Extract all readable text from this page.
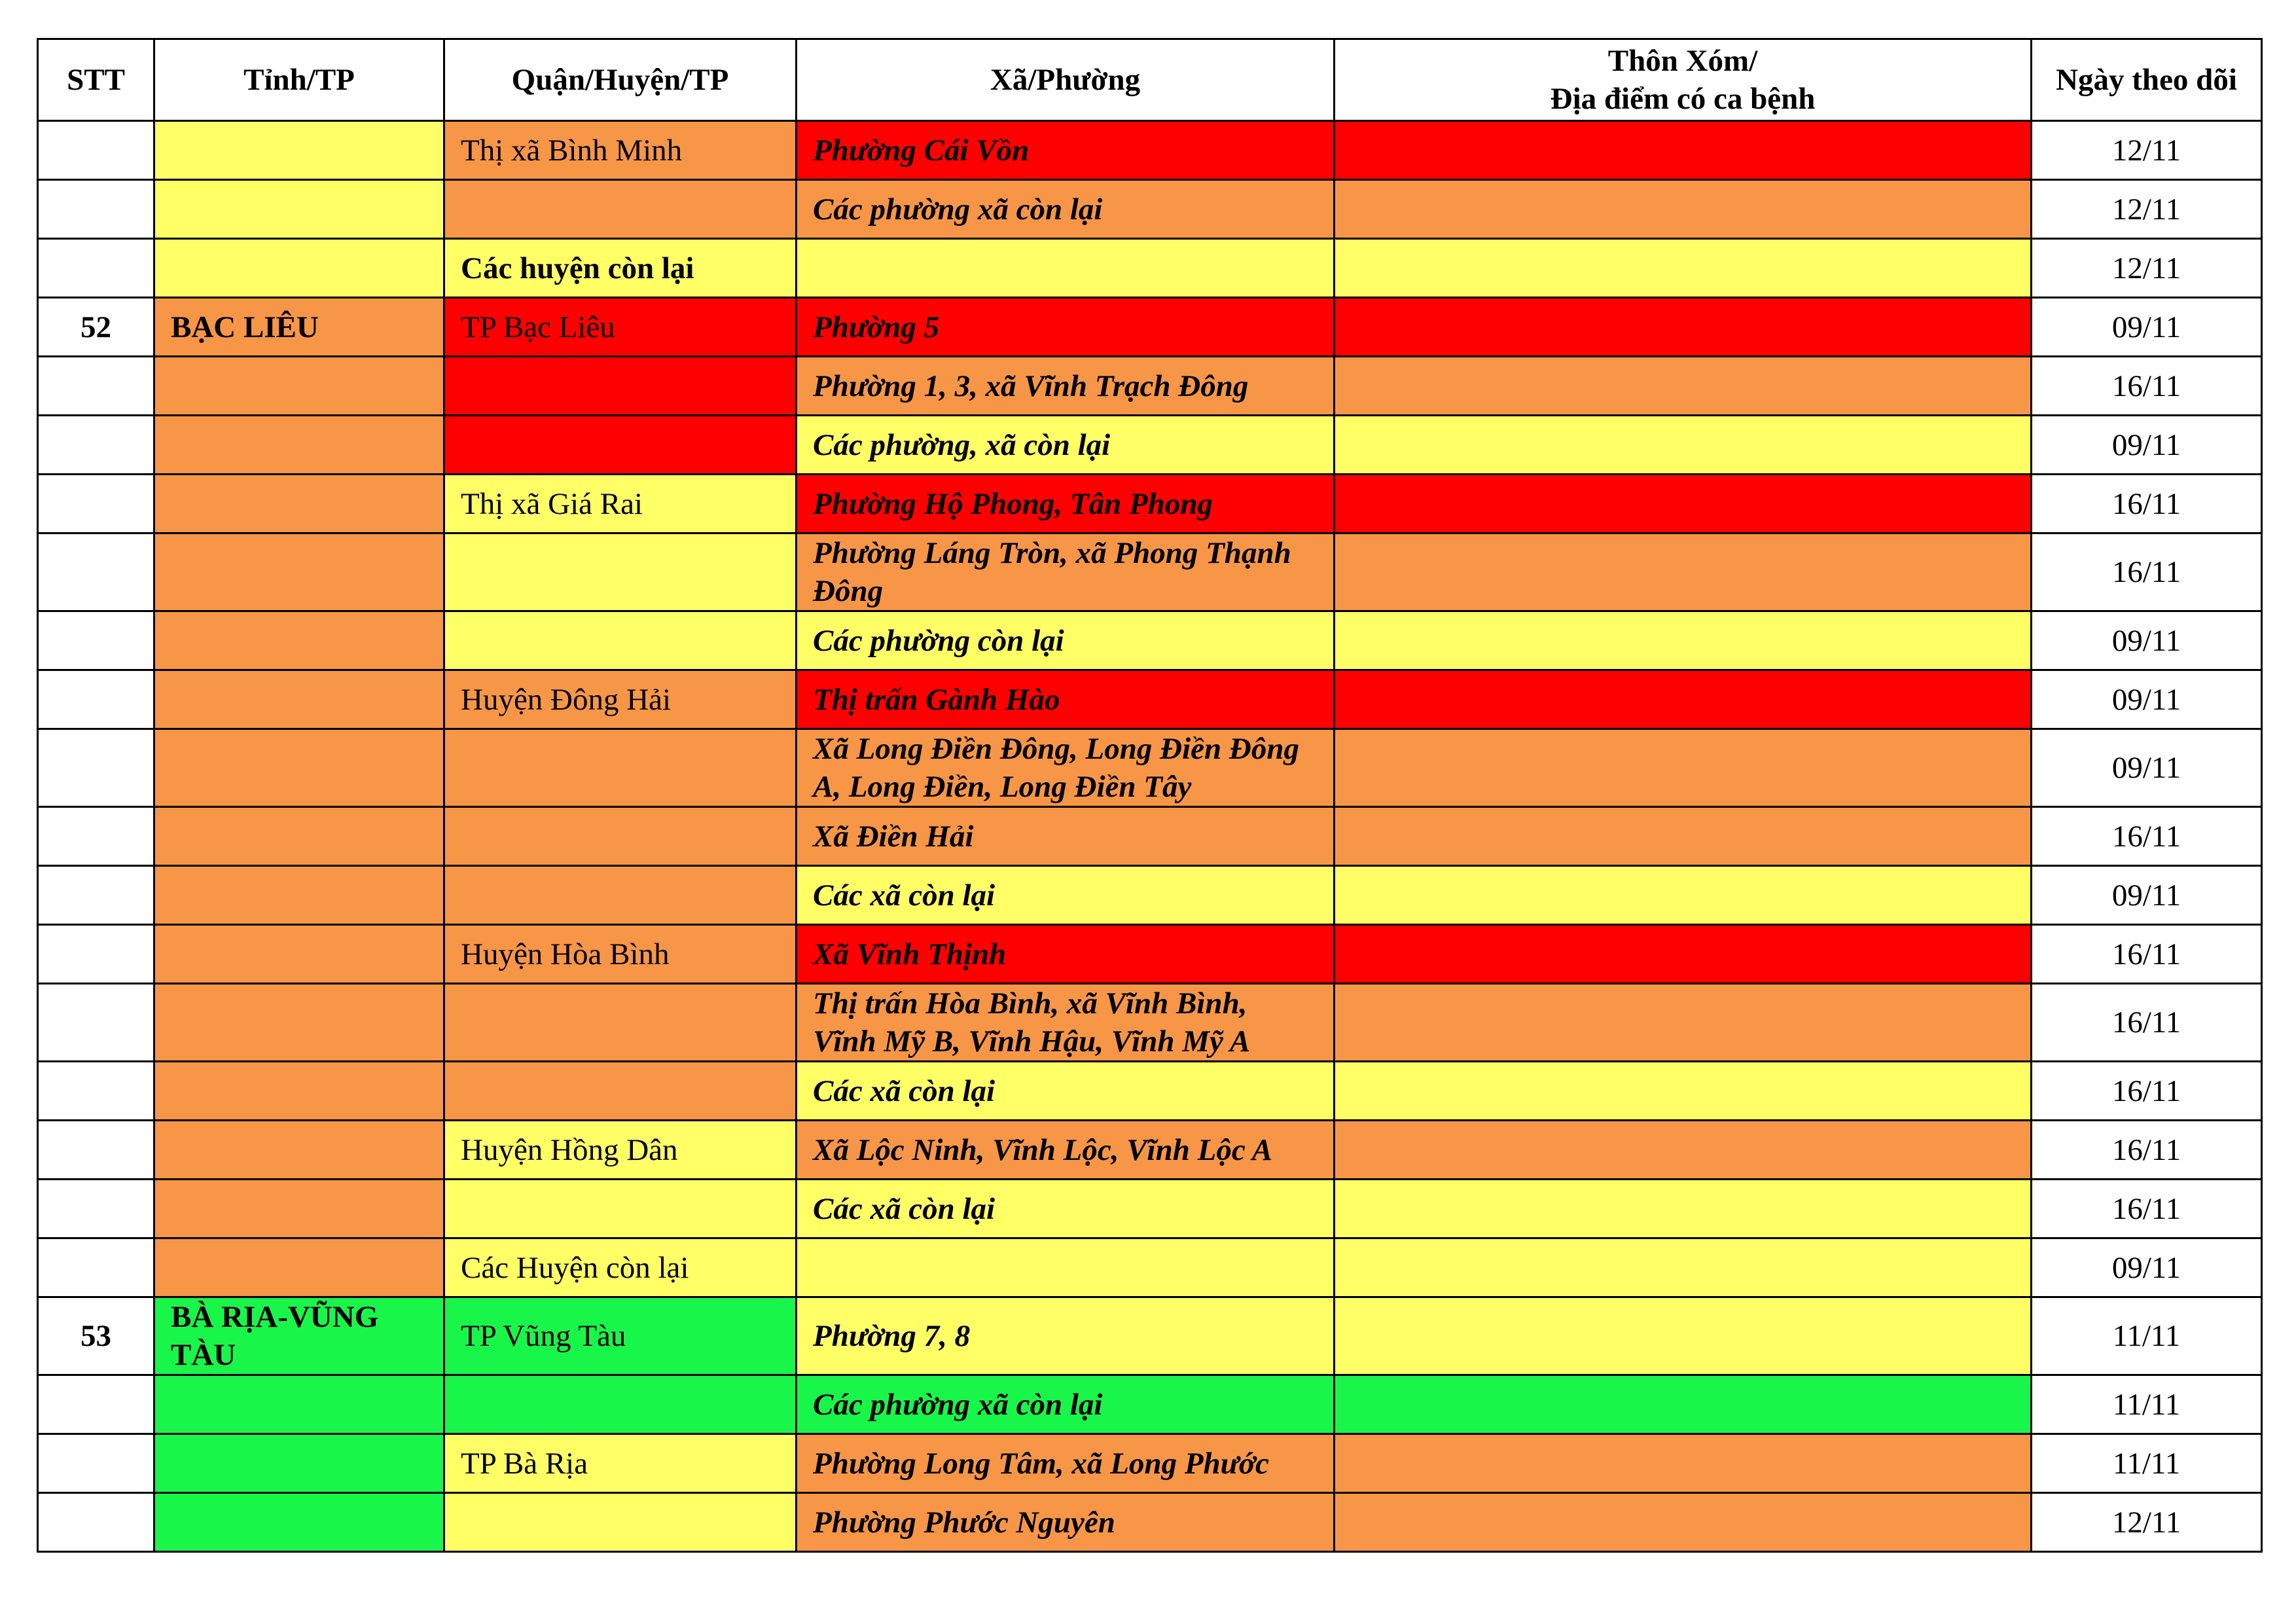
STT	Tỉnh/TP	Quận/Huyện/TP	Xã/Phường	Thôn Xóm/
Địa điểm có ca bệnh	Ngày theo dõi
		Thị xã Bình Minh	Phường Cái Vồn		12/11
			Các phường xã còn lại		12/11
		Các huyện còn lại			12/11
52	BẠC LIÊU	TP Bạc Liêu	Phường 5		09/11
			Phường 1, 3, xã Vĩnh Trạch Đông		16/11
			Các phường, xã còn lại		09/11
		Thị xã Giá Rai	Phường Hộ Phong, Tân Phong		16/11
			Phường Láng Tròn, xã Phong Thạnh Đông		16/11
			Các phường còn lại		09/11
		Huyện Đông Hải	Thị trấn Gành Hào		09/11
			Xã Long Điền Đông, Long Điền Đông A, Long Điền, Long Điền Tây		09/11
			Xã Điền Hải		16/11
			Các xã còn lại		09/11
		Huyện Hòa Bình	Xã Vĩnh Thịnh		16/11
			Thị trấn Hòa Bình, xã Vĩnh Bình, Vĩnh Mỹ B, Vĩnh Hậu, Vĩnh Mỹ A		16/11
			Các xã còn lại		16/11
		Huyện Hồng Dân	Xã Lộc Ninh, Vĩnh Lộc, Vĩnh Lộc A		16/11
			Các xã còn lại		16/11
		Các Huyện còn lại			09/11
53	BÀ RỊA-VŨNG TÀU	TP Vũng Tàu	Phường 7, 8		11/11
			Các phường xã còn lại		11/11
		TP Bà Rịa	Phường Long Tâm, xã Long Phước		11/11
			Phường Phước Nguyên		12/11
